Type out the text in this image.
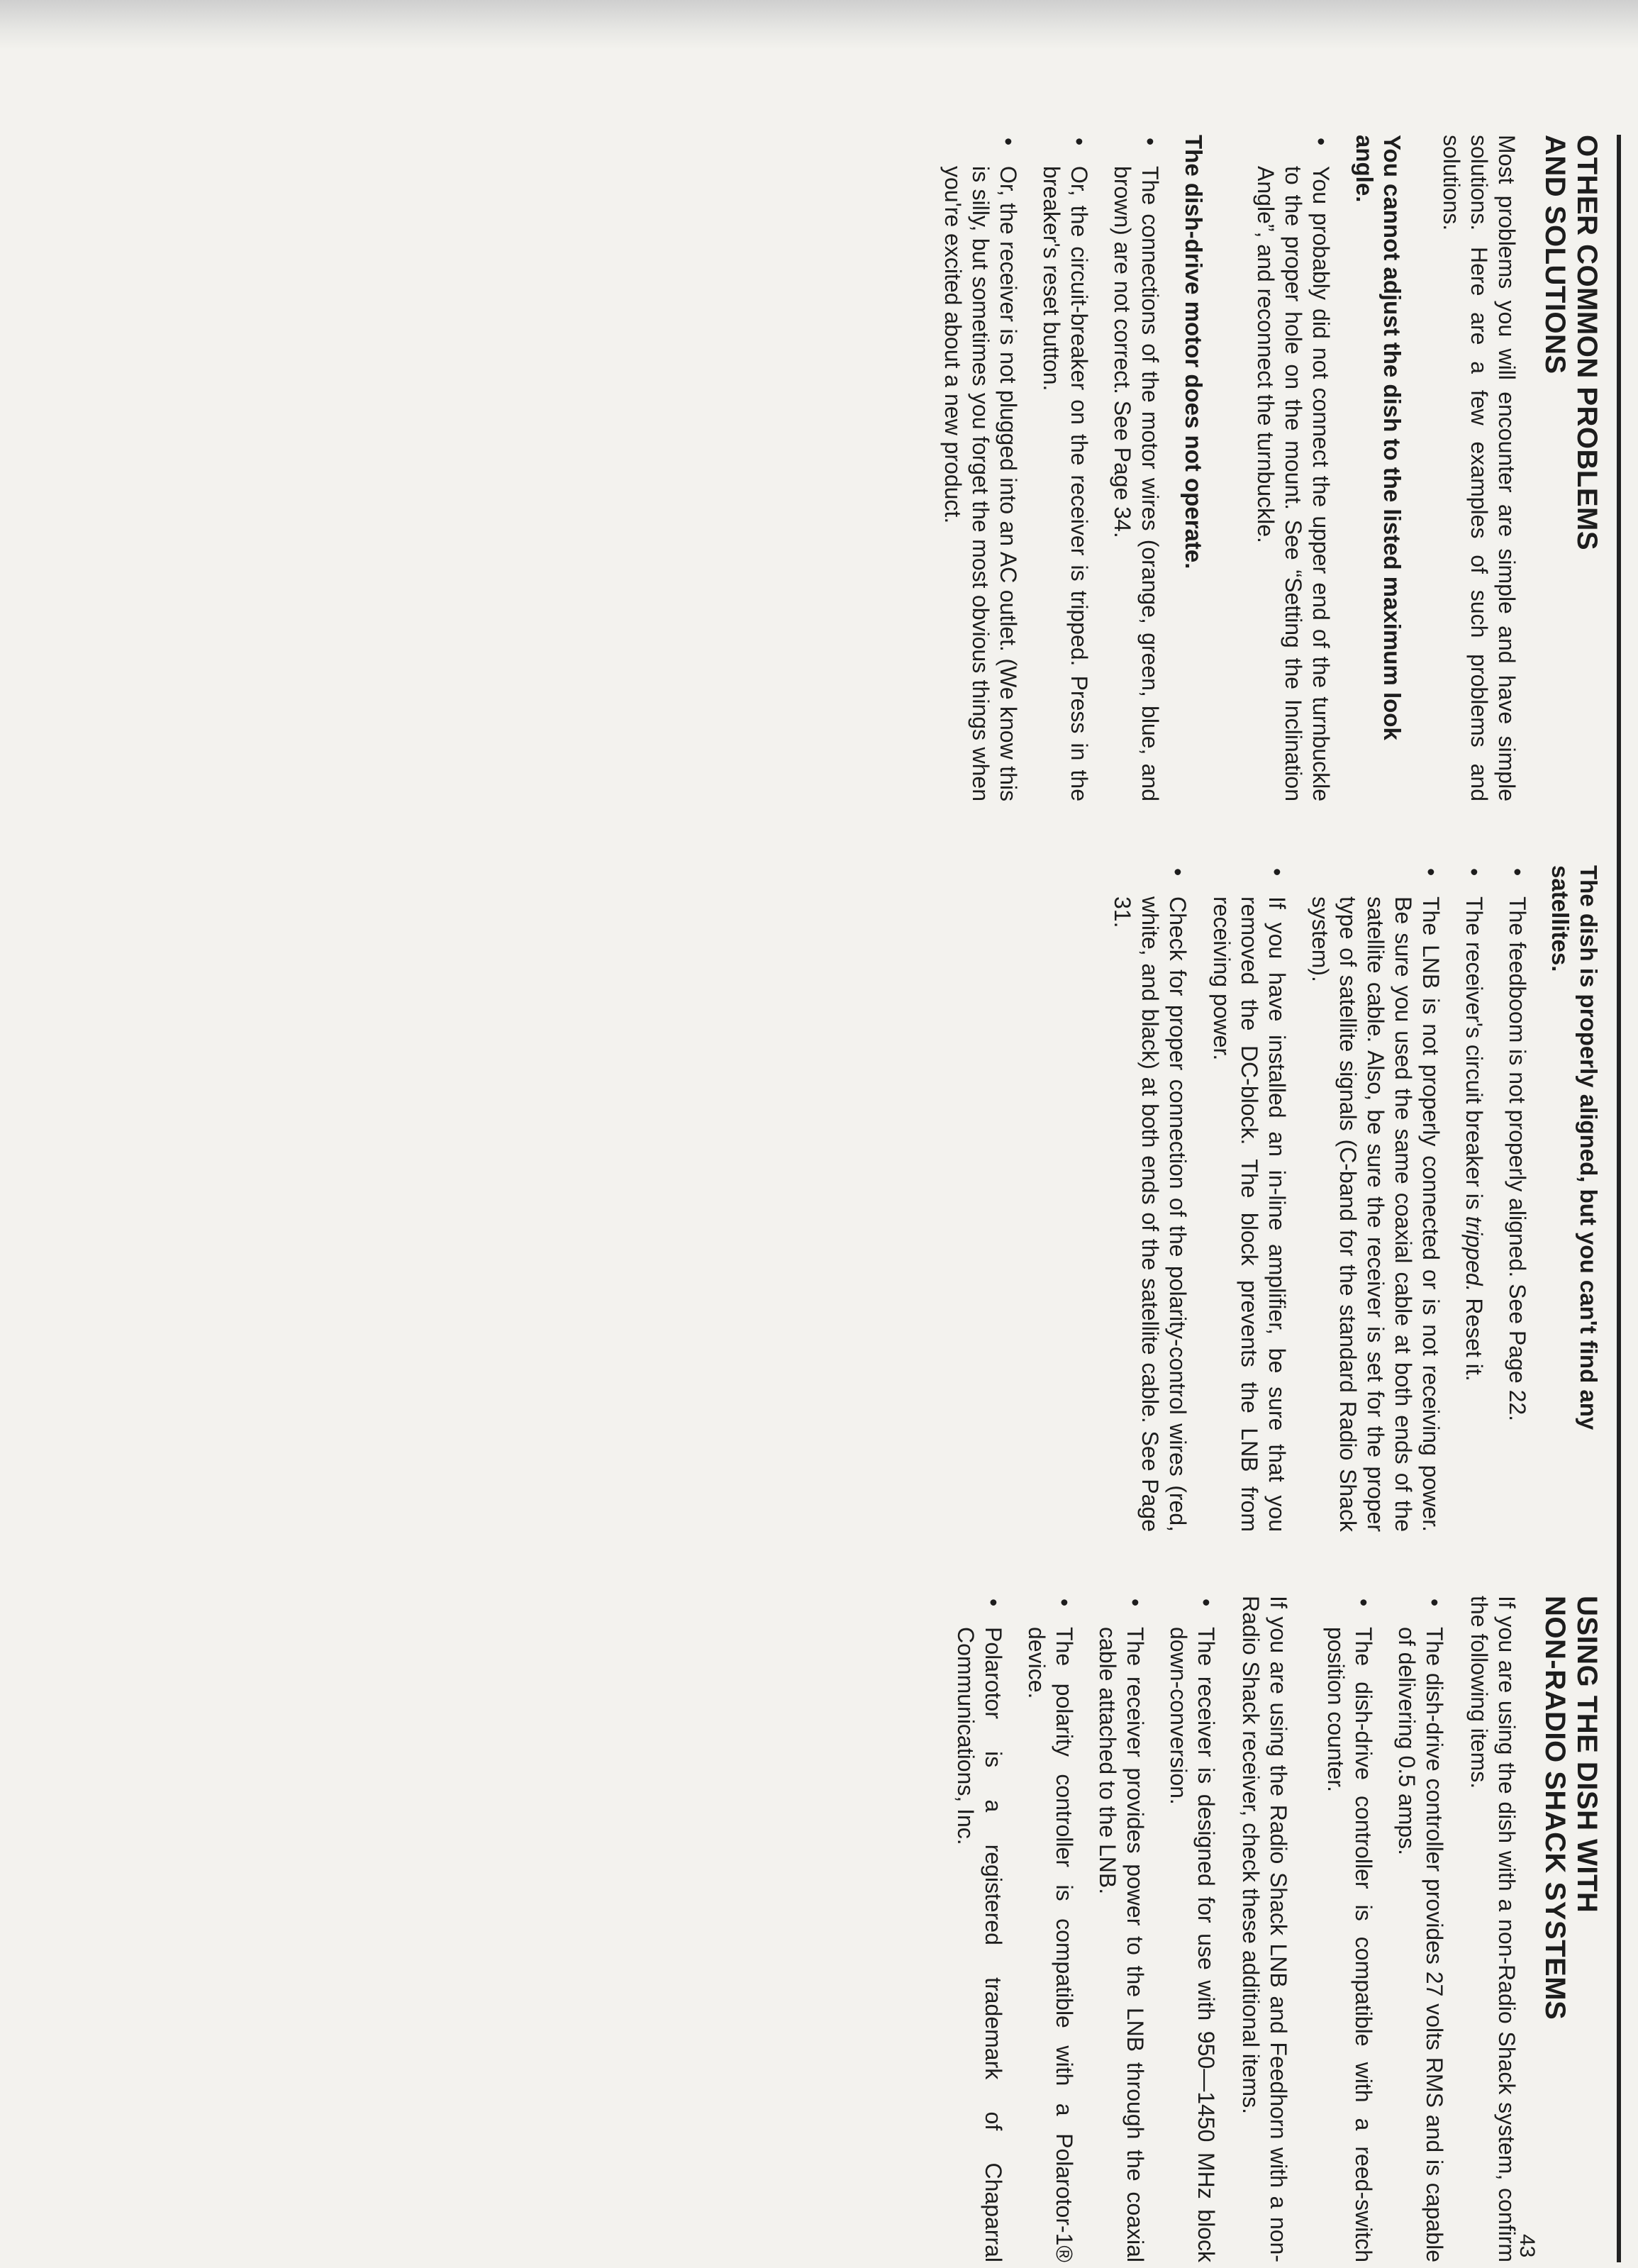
43
OTHER COMMON PROBLEMS
AND SOLUTIONS

Most problems you will encounter are simple and have simple solutions. Here are a few examples of such problems and solutions.

You cannot adjust the dish to the listed maximum look angle.

• You probably did not connect the upper end of the turnbuckle to the proper hole on the mount. See “Setting the Inclination Angle”, and reconnect the turnbuckle.

The dish-drive motor does not operate.

• The connections of the motor wires (orange, green, blue, and brown) are not correct. See Page 34.
• Or, the circuit-breaker on the receiver is tripped. Press in the breaker's reset button.
• Or, the receiver is not plugged into an AC outlet. (We know this is silly, but sometimes you forget the most obvious things when you're excited about a new product.

The dish is properly aligned, but you can't find any satellites.

• The feedboom is not properly aligned. See Page 22.
• The receiver's circuit breaker is tripped. Reset it.
• The LNB is not properly connected or is not receiving power. Be sure you used the same coaxial cable at both ends of the satellite cable. Also, be sure the receiver is set for the proper type of satellite signals (C-band for the standard Radio Shack system).
• If you have installed an in-line amplifier, be sure that you removed the DC-block. The block prevents the LNB from receiving power.
• Check for proper connection of the polarity-control wires (red, white, and black) at both ends of the satellite cable. See Page 31.
USING THE DISH WITH
NON-RADIO SHACK SYSTEMS

If you are using the dish with a non-Radio Shack system, confirm the following items.

• The dish-drive controller provides 27 volts RMS and is capable of delivering 0.5 amps.
• The dish-drive controller is compatible with a reed-switch position counter.

If you are using the Radio Shack LNB and Feedhorn with a non-Radio Shack receiver, check these additional items.

• The receiver is designed for use with 950—1450 MHz block down-conversion.
• The receiver provides power to the LNB through the coaxial cable attached to the LNB.
• The polarity controller is compatible with a Polarotor-1® device.
• Polarotor is a registered trademark of Chaparral Communications, Inc.
